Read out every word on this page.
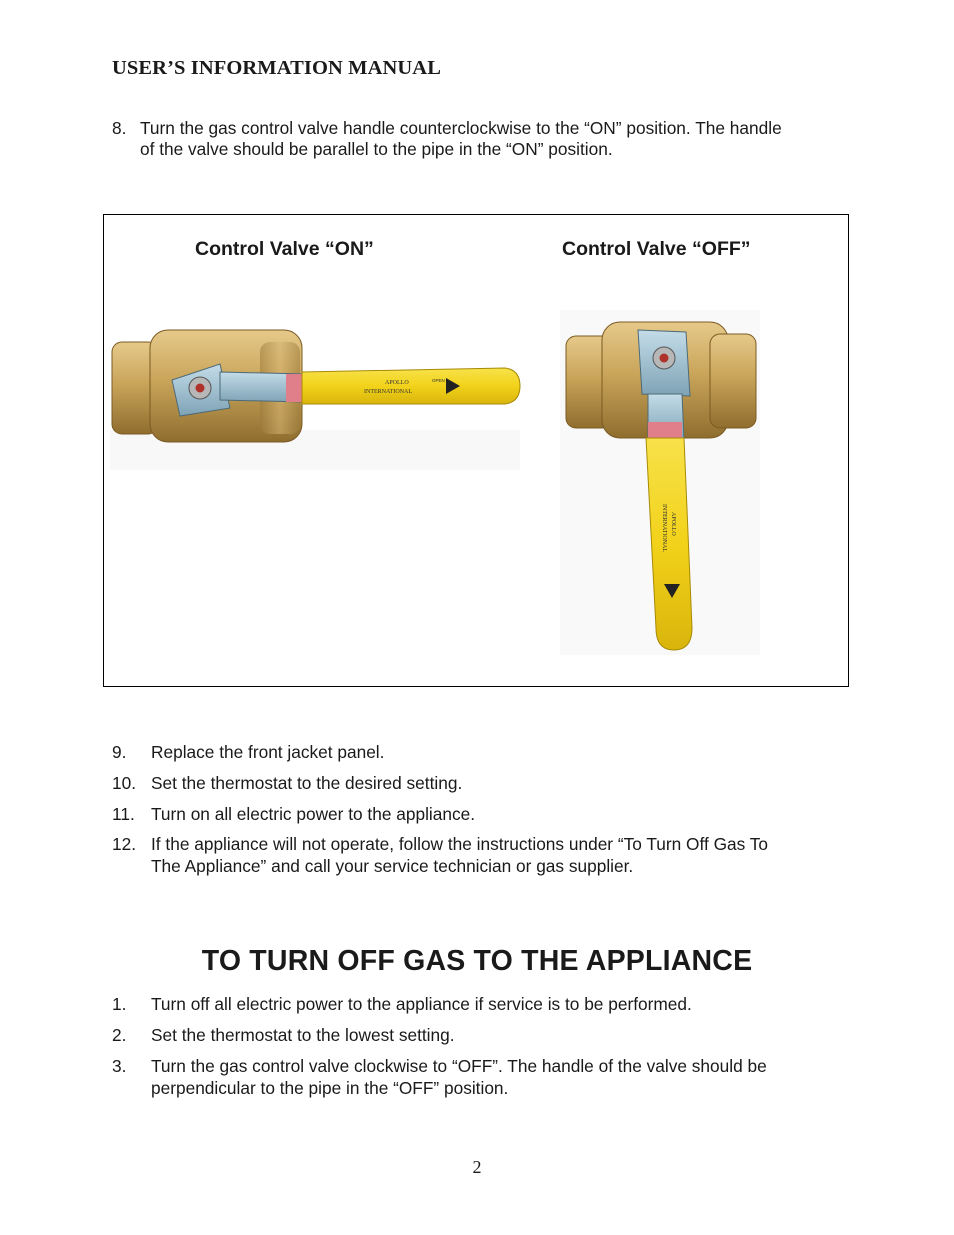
USER’S INFORMATION MANUAL
8. Turn the gas control valve handle counterclockwise to the “ON” position. The handle
of the valve should be parallel to the pipe in the “ON” position.
Control Valve “ON”	Control Valve “OFF”
APOLLO
INTERNATIONAL
OPEN
APOLLO
INTERNATIONAL
9. Replace the front jacket panel.
10. Set the thermostat to the desired setting.
11. Turn on all electric power to the appliance.
12. If the appliance will not operate, follow the instructions under “To Turn Off Gas To
The Appliance” and call your service technician or gas supplier.
TO TURN OFF GAS TO THE APPLIANCE
1. Turn off all electric power to the appliance if service is to be performed.
2. Set the thermostat to the lowest setting.
3. Turn the gas control valve clockwise to “OFF”. The handle of the valve should be
perpendicular to the pipe in the “OFF” position.
2
